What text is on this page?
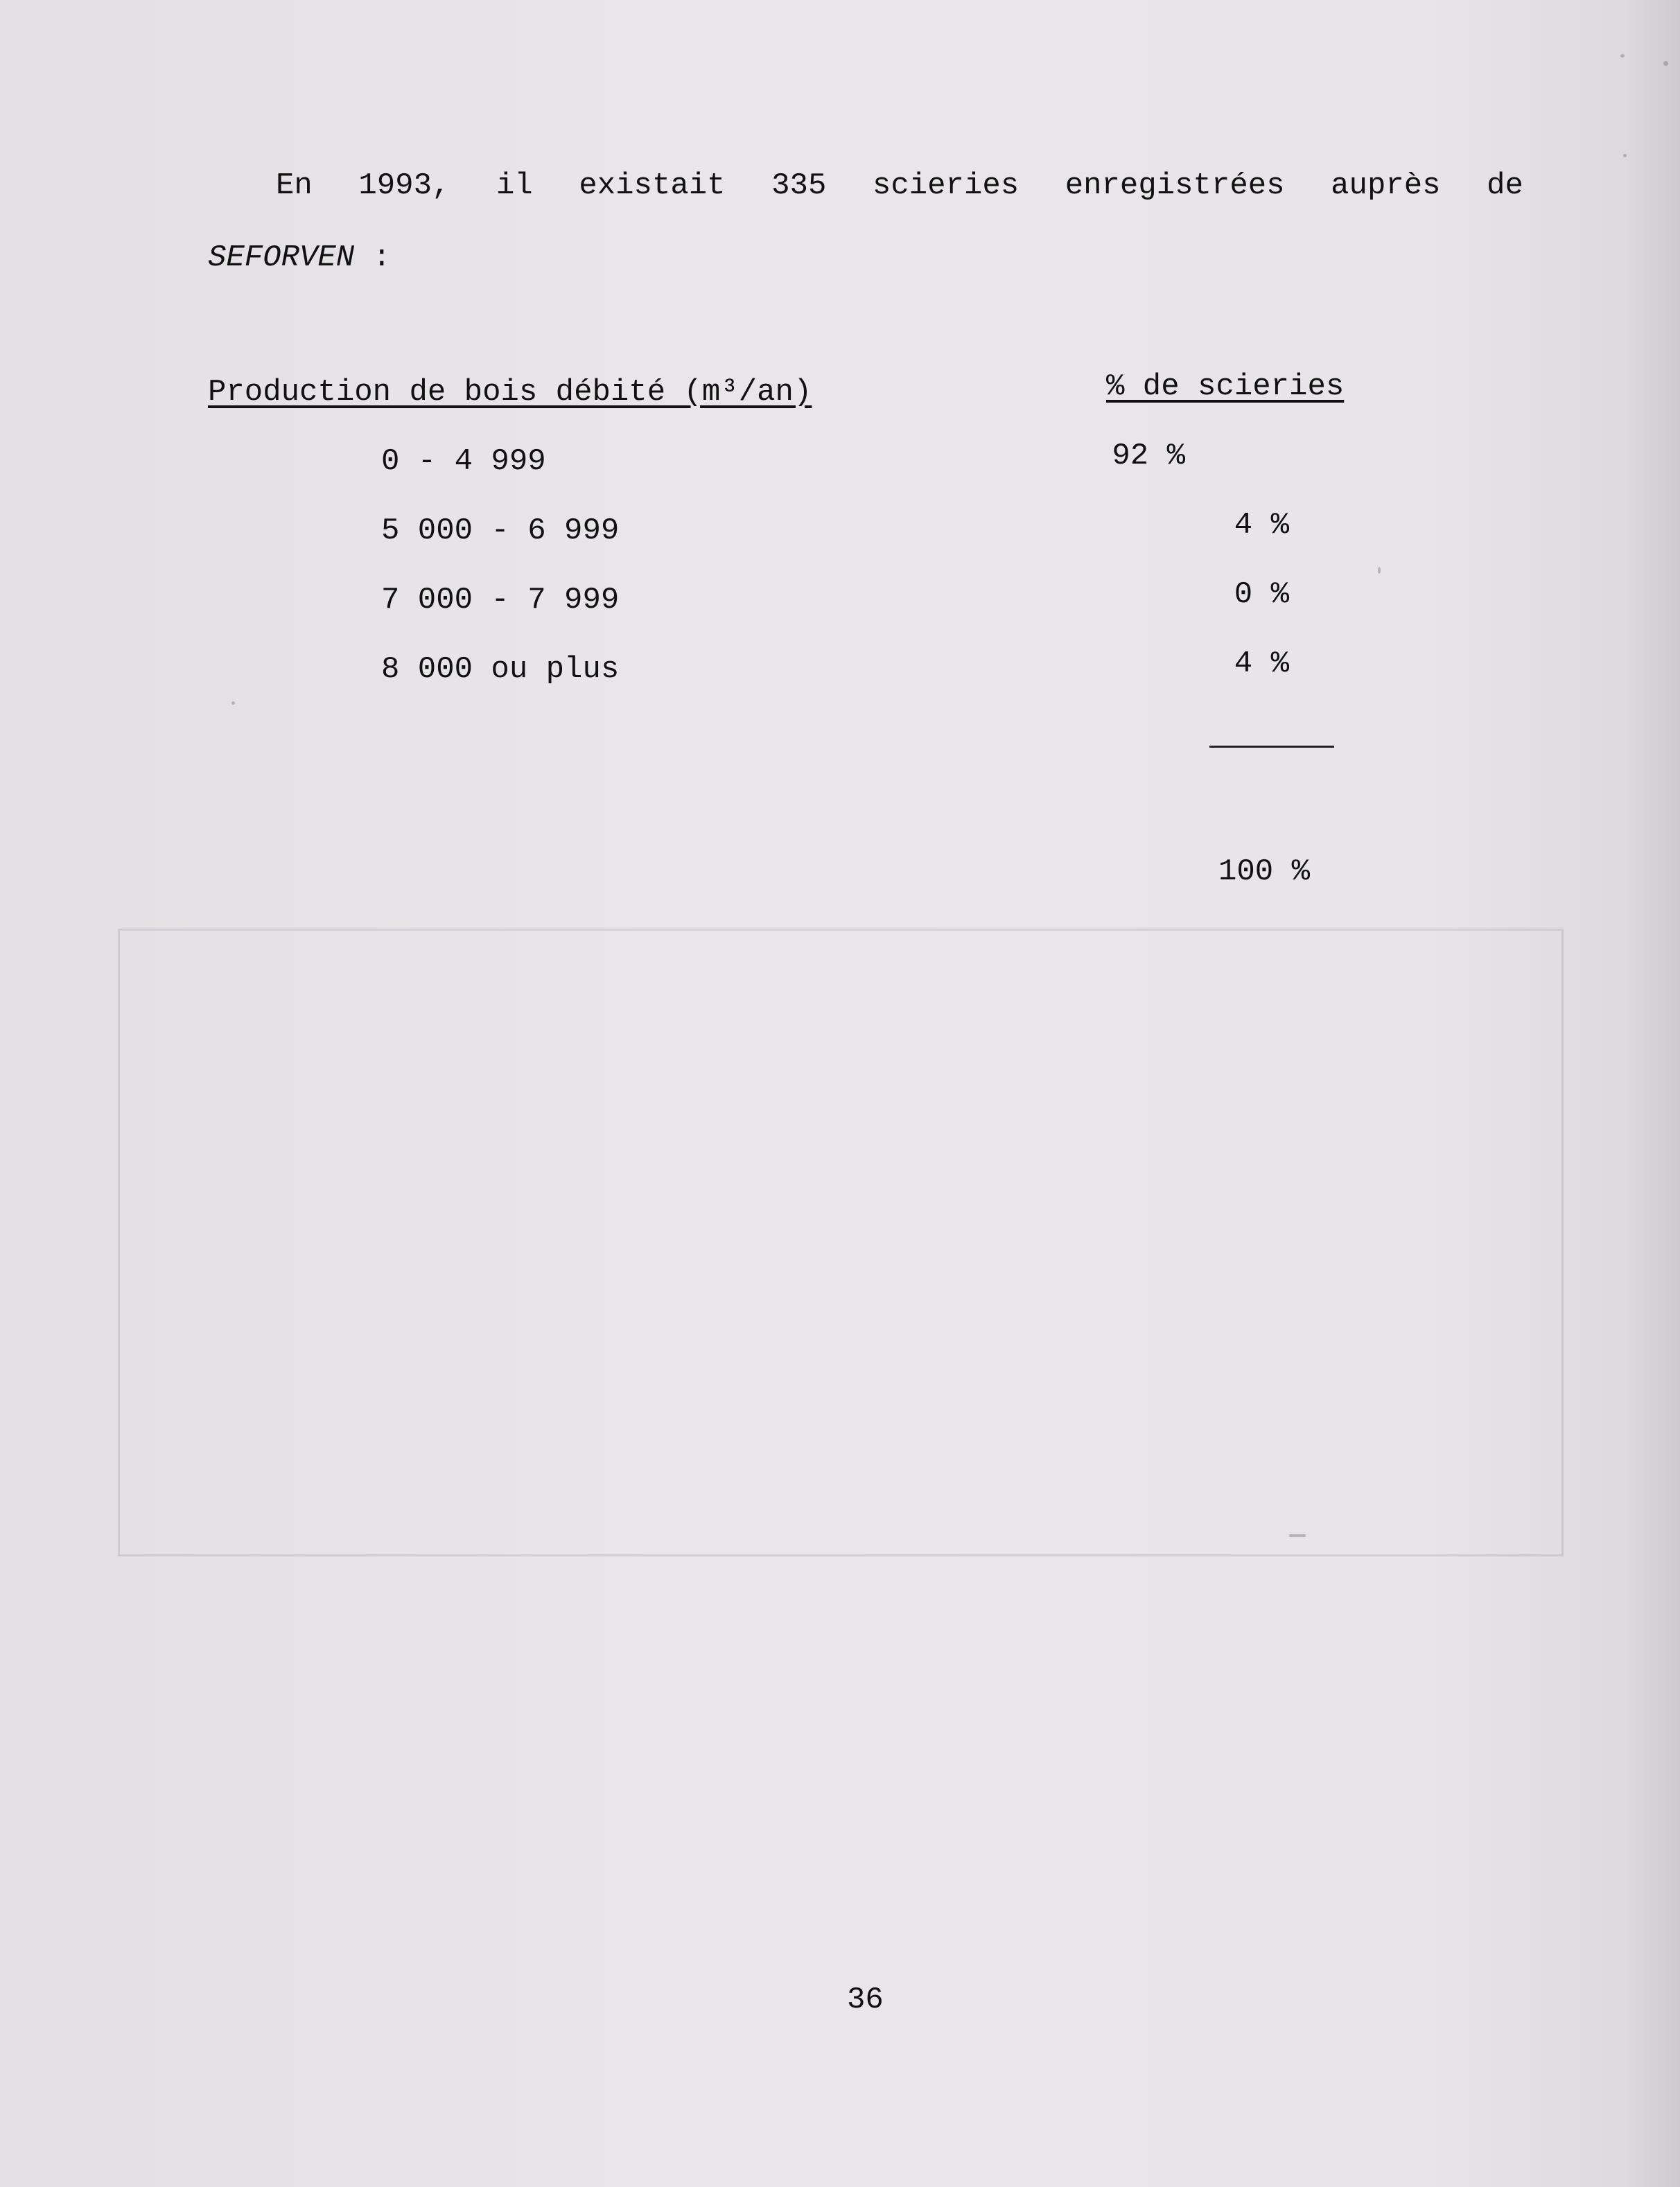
En 1993, il existait 335 scieries enregistrées auprès de
SEFORVEN :
Production de bois débité (m³/an)	% de scieries
0 - 4 999	92 %
5 000 - 6 999	4 %
7 000 - 7 999	0 %
8 000 ou plus	4 %
100 %
36
